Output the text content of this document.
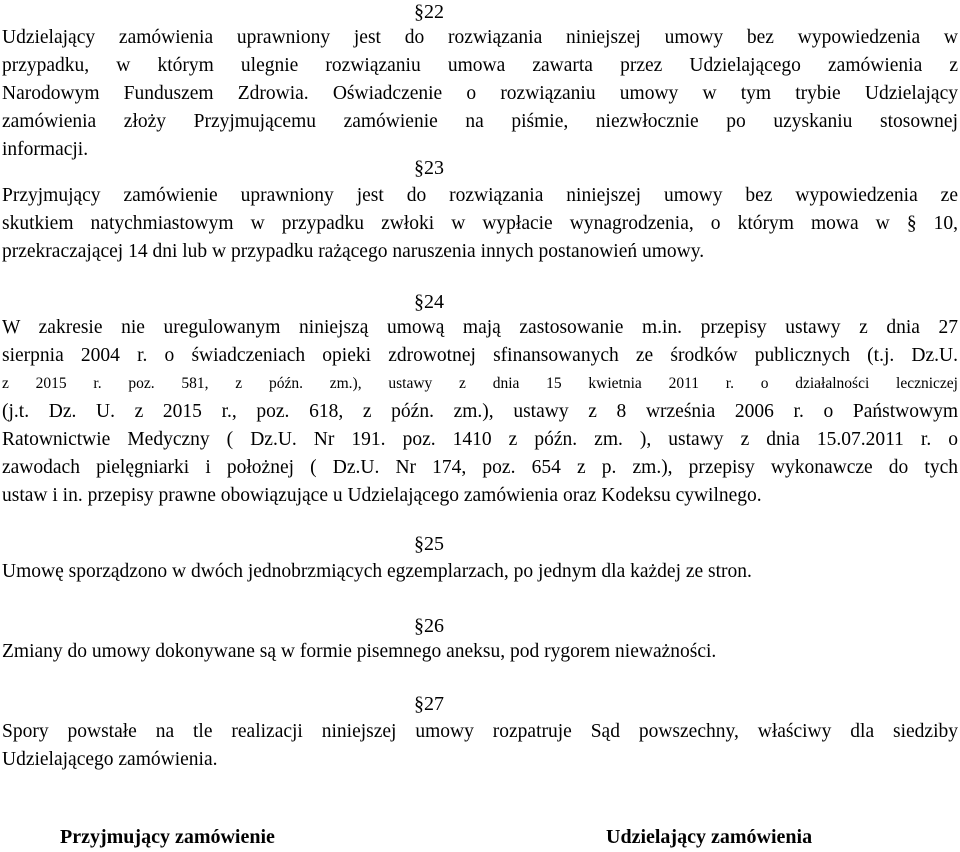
§22
Udzielający zamówienia uprawniony jest do rozwiązania niniejszej umowy bez wypowiedzenia w
przypadku, w którym ulegnie rozwiązaniu umowa zawarta przez Udzielającego zamówienia z
Narodowym Funduszem Zdrowia. Oświadczenie o rozwiązaniu umowy w tym trybie Udzielający
zamówienia złoży Przyjmującemu zamówienie na piśmie, niezwłocznie po uzyskaniu stosownej
informacji.
§23
Przyjmujący zamówienie uprawniony jest do rozwiązania niniejszej umowy bez wypowiedzenia ze
skutkiem natychmiastowym w przypadku zwłoki w wypłacie wynagrodzenia, o którym mowa w § 10,
przekraczającej 14 dni lub w przypadku rażącego naruszenia innych postanowień umowy.
§24
W zakresie nie uregulowanym niniejszą umową mają zastosowanie m.in. przepisy ustawy z dnia 27
sierpnia 2004 r. o świadczeniach opieki zdrowotnej sfinansowanych ze środków publicznych (t.j. Dz.U.
z 2015 r. poz. 581, z późn. zm.), ustawy z dnia 15 kwietnia 2011 r. o działalności leczniczej
(j.t. Dz. U. z 2015 r., poz. 618, z późn. zm.), ustawy z 8 września 2006 r. o Państwowym
Ratownictwie Medyczny ( Dz.U. Nr 191. poz. 1410 z późn. zm. ), ustawy z dnia 15.07.2011 r. o
zawodach pielęgniarki i położnej ( Dz.U. Nr 174, poz. 654 z p. zm.), przepisy wykonawcze do tych
ustaw i in. przepisy prawne obowiązujące u Udzielającego zamówienia oraz Kodeksu cywilnego.
§25
Umowę sporządzono w dwóch jednobrzmiących egzemplarzach, po jednym dla każdej ze stron.
§26
Zmiany do umowy dokonywane są w formie pisemnego aneksu, pod rygorem nieważności.
§27
Spory powstałe na tle realizacji niniejszej umowy rozpatruje Sąd powszechny, właściwy dla siedziby
Udzielającego zamówienia.
Przyjmujący zamówienie	Udzielający zamówienia
